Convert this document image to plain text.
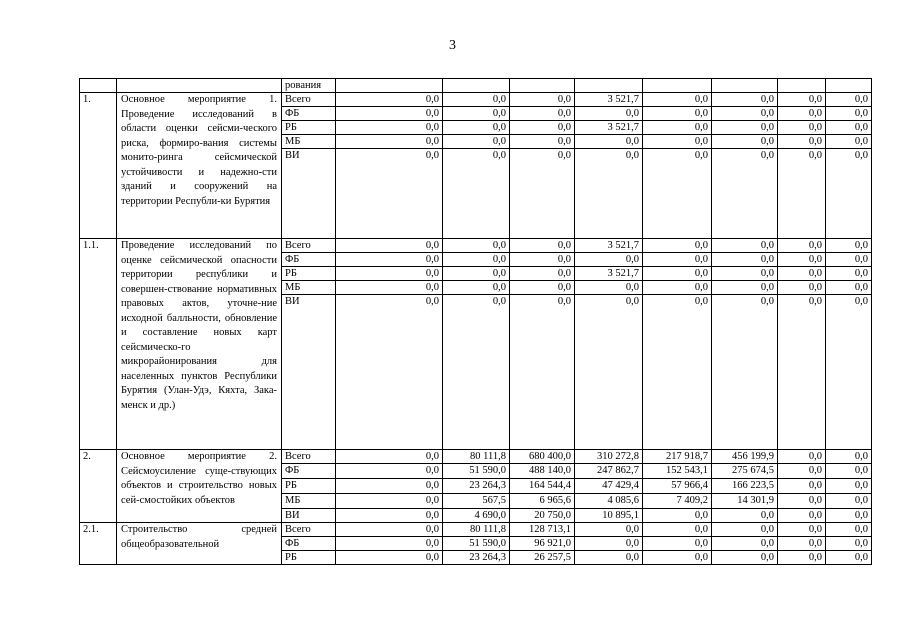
3
		рования								
1.	Основное мероприятие 1. Проведение исследований в области оценки сейсми-ческого риска, формиро-вания системы монито-ринга сейсмической устойчивости и надежно-сти зданий и сооружений на территории Республи-ки Бурятия	Всего	0,0	0,0	0,0	3 521,7	0,0	0,0	0,0	0,0
		ФБ	0,0	0,0	0,0	0,0	0,0	0,0	0,0	0,0
		РБ	0,0	0,0	0,0	3 521,7	0,0	0,0	0,0	0,0
		МБ	0,0	0,0	0,0	0,0	0,0	0,0	0,0	0,0
		ВИ	0,0	0,0	0,0	0,0	0,0	0,0	0,0	0,0
1.1.	Проведение исследований по оценке сейсмической опасности территории республики и совершен-ствование нормативных правовых актов, уточне-ние исходной балльности, обновление и составление новых карт сейсмическо-го микрорайонирования для населенных пунктов Республики Бурятия (Улан-Удэ, Кяхта, Зака-менск и др.)	Всего	0,0	0,0	0,0	3 521,7	0,0	0,0	0,0	0,0
		ФБ	0,0	0,0	0,0	0,0	0,0	0,0	0,0	0,0
		РБ	0,0	0,0	0,0	3 521,7	0,0	0,0	0,0	0,0
		МБ	0,0	0,0	0,0	0,0	0,0	0,0	0,0	0,0
		ВИ	0,0	0,0	0,0	0,0	0,0	0,0	0,0	0,0
2.	Основное мероприятие 2. Сейсмоусиление суще-ствующих объектов и строительство новых сей-смостойких объектов	Всего	0,0	80 111,8	680 400,0	310 272,8	217 918,7	456 199,9	0,0	0,0
		ФБ	0,0	51 590,0	488 140,0	247 862,7	152 543,1	275 674,5	0,0	0,0
		РБ	0,0	23 264,3	164 544,4	47 429,4	57 966,4	166 223,5	0,0	0,0
		МБ	0,0	567,5	6 965,6	4 085,6	7 409,2	14 301,9	0,0	0,0
		ВИ	0,0	4 690,0	20 750,0	10 895,1	0,0	0,0	0,0	0,0
2.1.	Строительство средней общеобразовательной	Всего	0,0	80 111,8	128 713,1	0,0	0,0	0,0	0,0	0,0
		ФБ	0,0	51 590,0	96 921,0	0,0	0,0	0,0	0,0	0,0
		РБ	0,0	23 264,3	26 257,5	0,0	0,0	0,0	0,0	0,0
